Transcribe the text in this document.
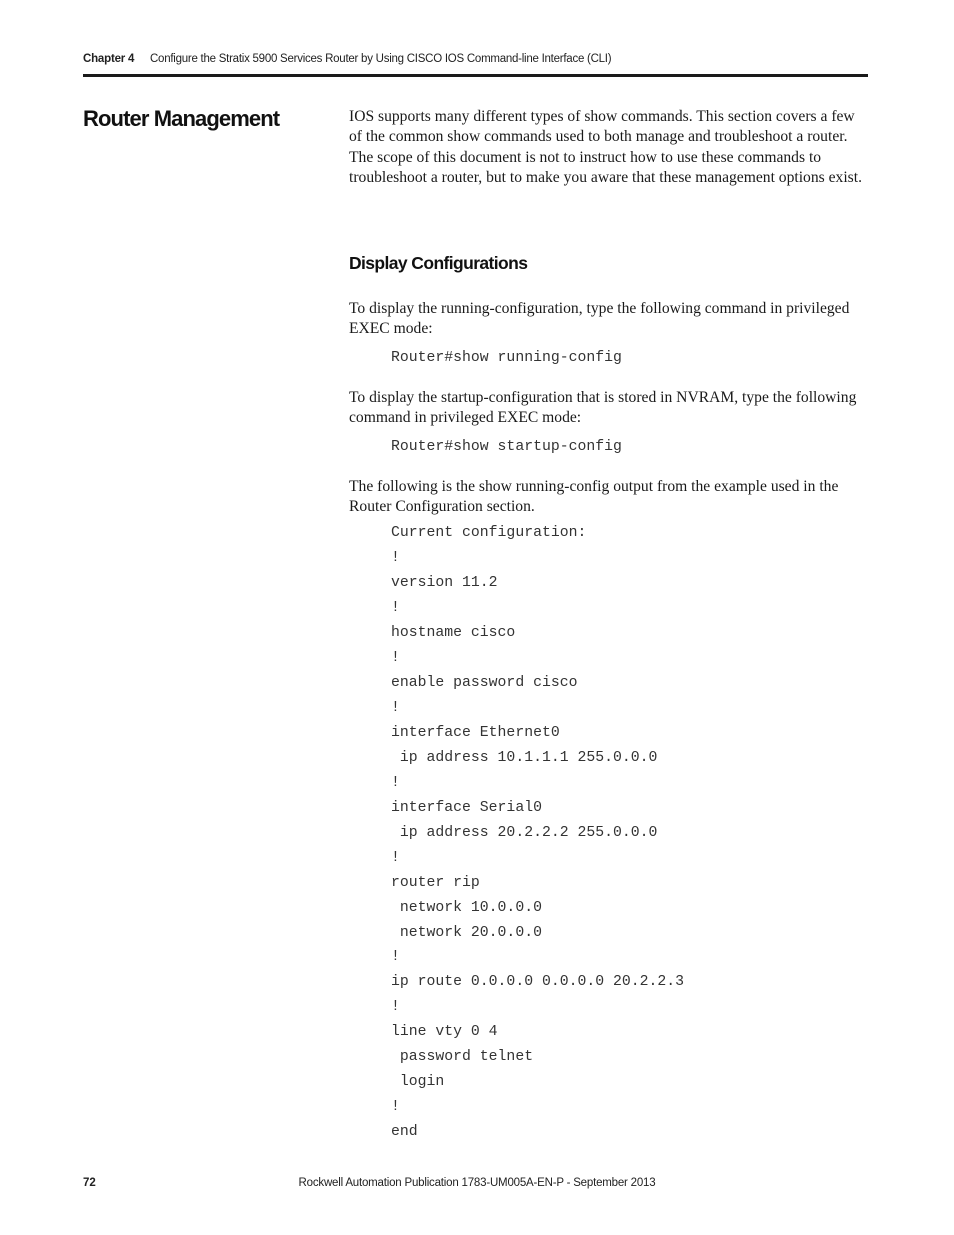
Chapter 4 Configure the Stratix 5900 Services Router by Using CISCO IOS Command-line Interface (CLI)
Router Management	IOS supports many different types of show commands. This section covers a few of the common show commands used to both manage and troubleshoot a router. The scope of this document is not to instruct how to use these commands to troubleshoot a router, but to make you aware that these management options exist.

Display Configurations

To display the running-configuration, type the following command in privileged EXEC mode:

Router#show running-config

To display the startup-configuration that is stored in NVRAM, type the following command in privileged EXEC mode:

Router#show startup-config

The following is the show running-config output from the example used in the Router Configuration section.

Current configuration:
!
version 11.2
!
hostname cisco
!
enable password cisco
!
interface Ethernet0
ip address 10.1.1.1 255.0.0.0
!
interface Serial0
ip address 20.2.2.2 255.0.0.0
!
router rip
network 10.0.0.0
network 20.0.0.0
!
ip route 0.0.0.0 0.0.0.0 20.2.2.3
!
line vty 0 4
password telnet
login
!
end
72	Rockwell Automation Publication 1783-UM005A-EN-P - September 2013
